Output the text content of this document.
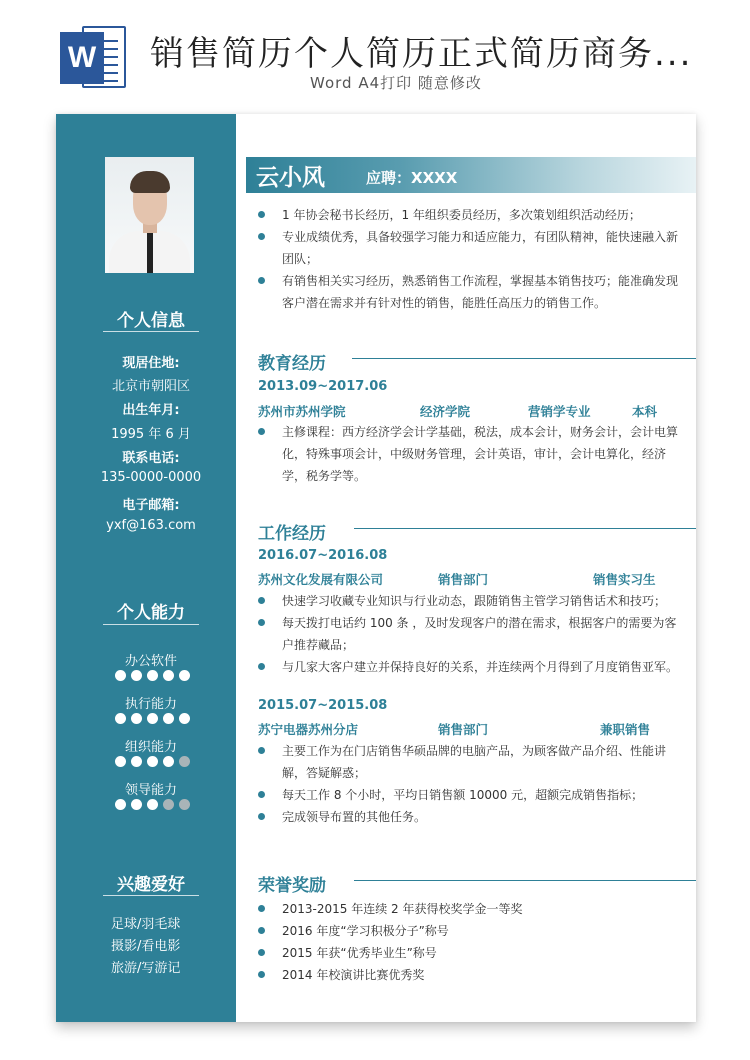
W 销售简历个人简历正式简历商务...
Word A4打印 随意修改
个人信息
现居住地:
北京市朝阳区
出生年月:
1995 年 6 月
联系电话:
135-0000-0000
电子邮箱:
yxf@163.com
个人能力
办公软件
执行能力
组织能力
领导能力
兴趣爱好
足球/羽毛球
摄影/看电影
旅游/写游记
云小风	应聘：XXXX
1 年协会秘书长经历，1 年组织委员经历，多次策划组织活动经历；
专业成绩优秀，具备较强学习能力和适应能力，有团队精神，能快速融入新团队；
有销售相关实习经历，熟悉销售工作流程，掌握基本销售技巧；能准确发现客户潜在需求并有针对性的销售，能胜任高压力的销售工作。
教育经历
2013.09~2017.06
苏州市苏州学院	经济学院	营销学专业	本科
主修课程：西方经济学会计学基础，税法，成本会计，财务会计，会计电算化，特殊事项会计，中级财务管理，会计英语，审计，会计电算化，经济学，税务学等。
工作经历
2016.07~2016.08
苏州文化发展有限公司	销售部门	销售实习生
快速学习收藏专业知识与行业动态，跟随销售主管学习销售话术和技巧；
每天拨打电话约 100 条 ，及时发现客户的潜在需求，根据客户的需要为客户推荐藏品；
与几家大客户建立并保持良好的关系，并连续两个月得到了月度销售亚军。
2015.07~2015.08
苏宁电器苏州分店	销售部门	兼职销售
主要工作为在门店销售华硕品牌的电脑产品，为顾客做产品介绍、性能讲解，答疑解惑；
每天工作 8 个小时，平均日销售额 10000 元，超额完成销售指标；
完成领导布置的其他任务。
荣誉奖励
2013-2015 年连续 2 年获得校奖学金一等奖
2016 年度“学习积极分子”称号
2015 年获“优秀毕业生”称号
2014 年校演讲比赛优秀奖
